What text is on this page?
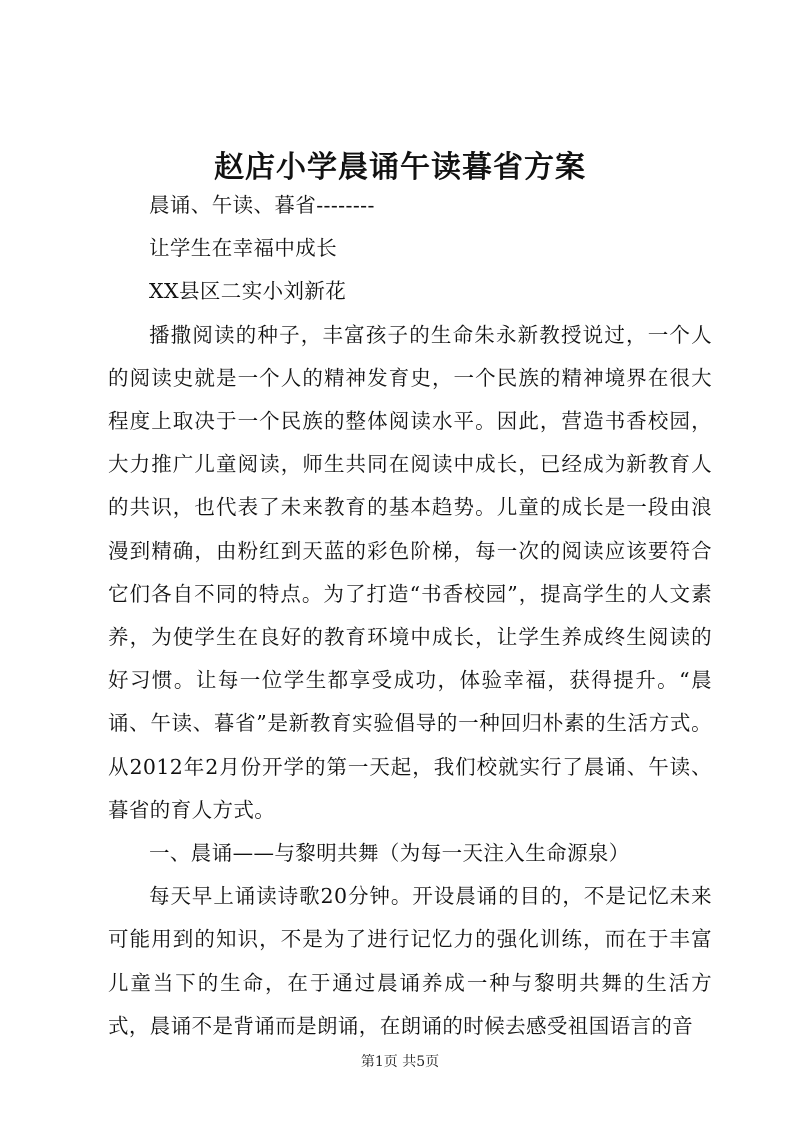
赵店小学晨诵午读暮省方案

晨诵、午读、暮省--------

让学生在幸福中成长

XX县区二实小刘新花

播撒阅读的种子，丰富孩子的生命朱永新教授说过，一个人的阅读史就是一个人的精神发育史，一个民族的精神境界在很大程度上取决于一个民族的整体阅读水平。因此，营造书香校园，大力推广儿童阅读，师生共同在阅读中成长，已经成为新教育人的共识，也代表了未来教育的基本趋势。儿童的成长是一段由浪漫到精确，由粉红到天蓝的彩色阶梯，每一次的阅读应该要符合它们各自不同的特点。为了打造“书香校园”，提高学生的人文素养，为使学生在良好的教育环境中成长，让学生养成终生阅读的好习惯。让每一位学生都享受成功，体验幸福，获得提升。“晨诵、午读、暮省”是新教育实验倡导的一种回归朴素的生活方式。从2012年2月份开学的第一天起，我们校就实行了晨诵、午读、暮省的育人方式。

一、晨诵——与黎明共舞（为每一天注入生命源泉）

每天早上诵读诗歌20分钟。开设晨诵的目的，不是记忆未来可能用到的知识，不是为了进行记忆力的强化训练，而在于丰富儿童当下的生命，在于通过晨诵养成一种与黎明共舞的生活方式，晨诵不是背诵而是朗诵，在朗诵的时候去感受祖国语言的音

第1页 共5页
